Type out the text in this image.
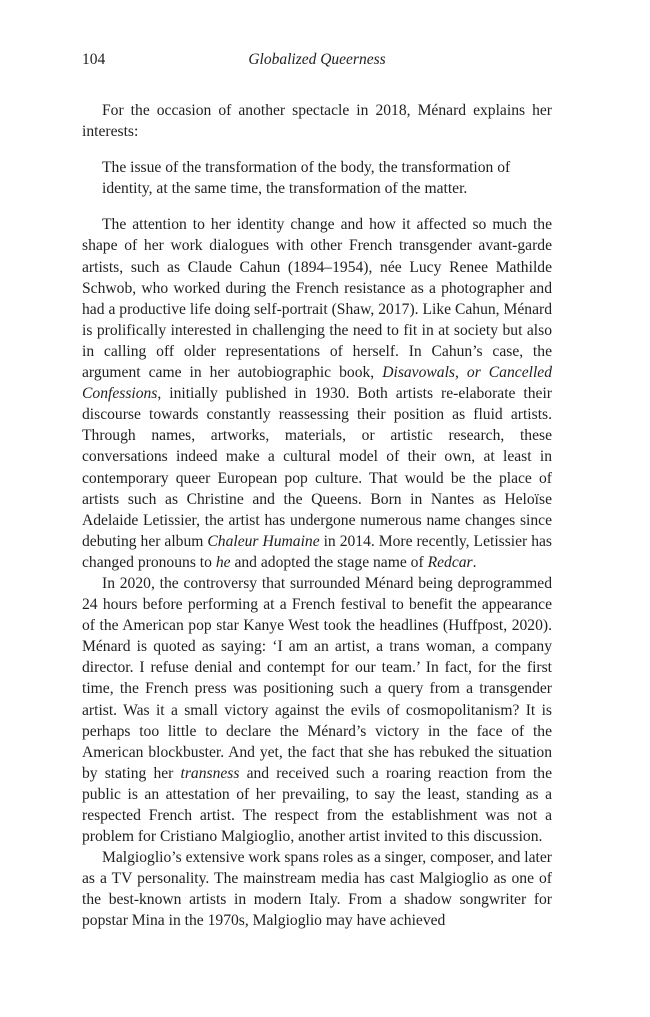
104	Globalized Queerness

For the occasion of another spectacle in 2018, Ménard explains her interests:

The issue of the transformation of the body, the transformation of identity, at the same time, the transformation of the matter.

The attention to her identity change and how it affected so much the shape of her work dialogues with other French transgender avant-garde artists, such as Claude Cahun (1894–1954), née Lucy Renee Mathilde Schwob, who worked during the French resistance as a photographer and had a productive life doing self-portrait (Shaw, 2017). Like Cahun, Ménard is prolifically interested in challenging the need to fit in at society but also in calling off older representations of herself. In Cahun’s case, the argument came in her autobiographic book, Disavowals, or Cancelled Confessions, initially published in 1930. Both artists re-elaborate their discourse towards constantly reassessing their position as fluid artists. Through names, artworks, materials, or artistic research, these conversations indeed make a cultural model of their own, at least in contemporary queer European pop culture. That would be the place of artists such as Christine and the Queens. Born in Nantes as Heloïse Adelaide Letissier, the artist has undergone numerous name changes since debuting her album Chaleur Humaine in 2014. More recently, Letissier has changed pronouns to he and adopted the stage name of Redcar.

In 2020, the controversy that surrounded Ménard being deprogrammed 24 hours before performing at a French festival to benefit the appearance of the American pop star Kanye West took the headlines (Huffpost, 2020). Ménard is quoted as saying: ‘I am an artist, a trans woman, a company director. I refuse denial and contempt for our team.’ In fact, for the first time, the French press was positioning such a query from a transgender artist. Was it a small victory against the evils of cosmopolitanism? It is perhaps too little to declare the Ménard’s victory in the face of the American blockbuster. And yet, the fact that she has rebuked the situation by stating her transness and received such a roaring reaction from the public is an attestation of her prevailing, to say the least, standing as a respected French artist. The respect from the establishment was not a problem for Cristiano Malgioglio, another artist invited to this discussion.

Malgioglio’s extensive work spans roles as a singer, composer, and later as a TV personality. The mainstream media has cast Malgioglio as one of the best-known artists in modern Italy. From a shadow songwriter for popstar Mina in the 1970s, Malgioglio may have achieved
